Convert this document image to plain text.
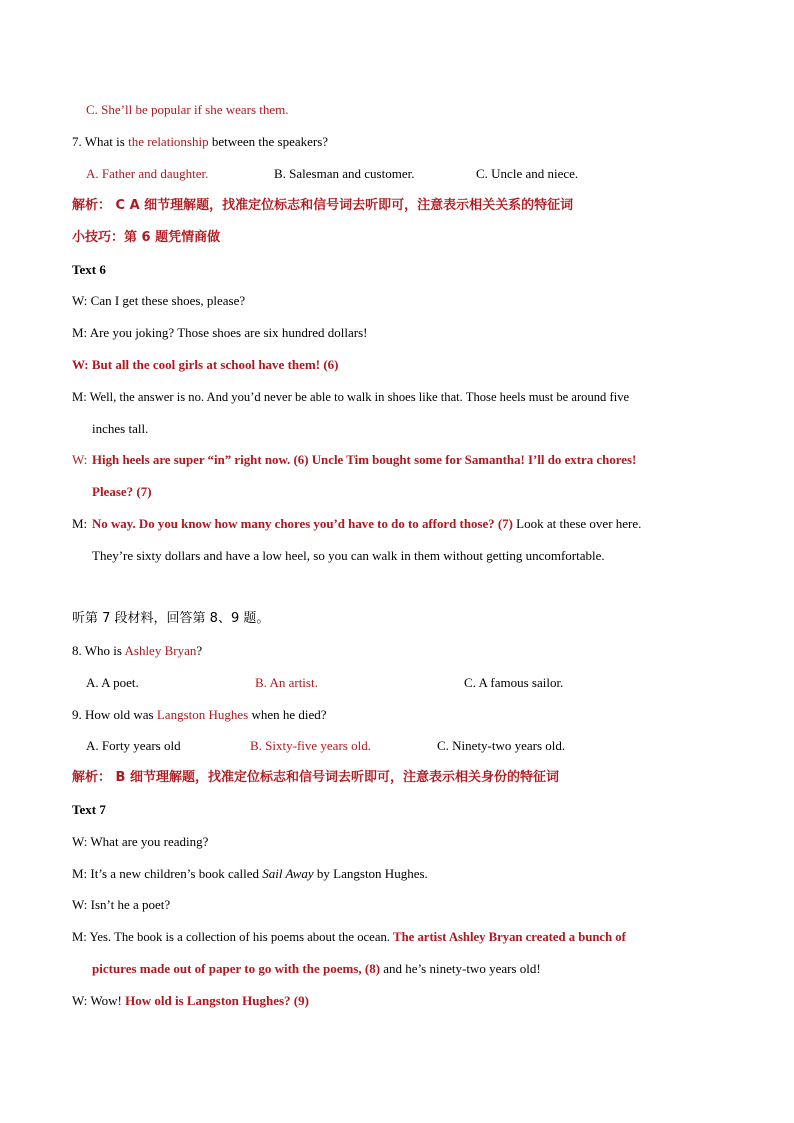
C. She’ll be popular if she wears them.
7. What is the relationship between the speakers?
A. Father and daughter.	B. Salesman and customer.	C. Uncle and niece.
解析： C A 细节理解题，找准定位标志和信号词去听即可，注意表示相关关系的特征词
小技巧：第 6 题凭情商做
Text 6
W: Can I get these shoes, please?
M: Are you joking? Those shoes are six hundred dollars!
W: But all the cool girls at school have them! (6)
M: Well, the answer is no. And you’d never be able to walk in shoes like that. Those heels must be around five
inches tall.
W: High heels are super “in” right now. (6) Uncle Tim bought some for Samantha! I’ll do extra chores!
Please? (7)
M: No way. Do you know how many chores you’d have to do to afford those? (7) Look at these over here.
They’re sixty dollars and have a low heel, so you can walk in them without getting uncomfortable.
听第 7 段材料，回答第 8、9 题。
8. Who is Ashley Bryan?
A. A poet.	B. An artist.	C. A famous sailor.
9. How old was Langston Hughes when he died?
A. Forty years old	B. Sixty-five years old.	C. Ninety-two years old.
解析： B 细节理解题，找准定位标志和信号词去听即可，注意表示相关身份的特征词
Text 7
W: What are you reading?
M: It’s a new children’s book called Sail Away by Langston Hughes.
W: Isn’t he a poet?
M: Yes. The book is a collection of his poems about the ocean. The artist Ashley Bryan created a bunch of
pictures made out of paper to go with the poems, (8) and he’s ninety-two years old!
W: Wow! How old is Langston Hughes? (9)
